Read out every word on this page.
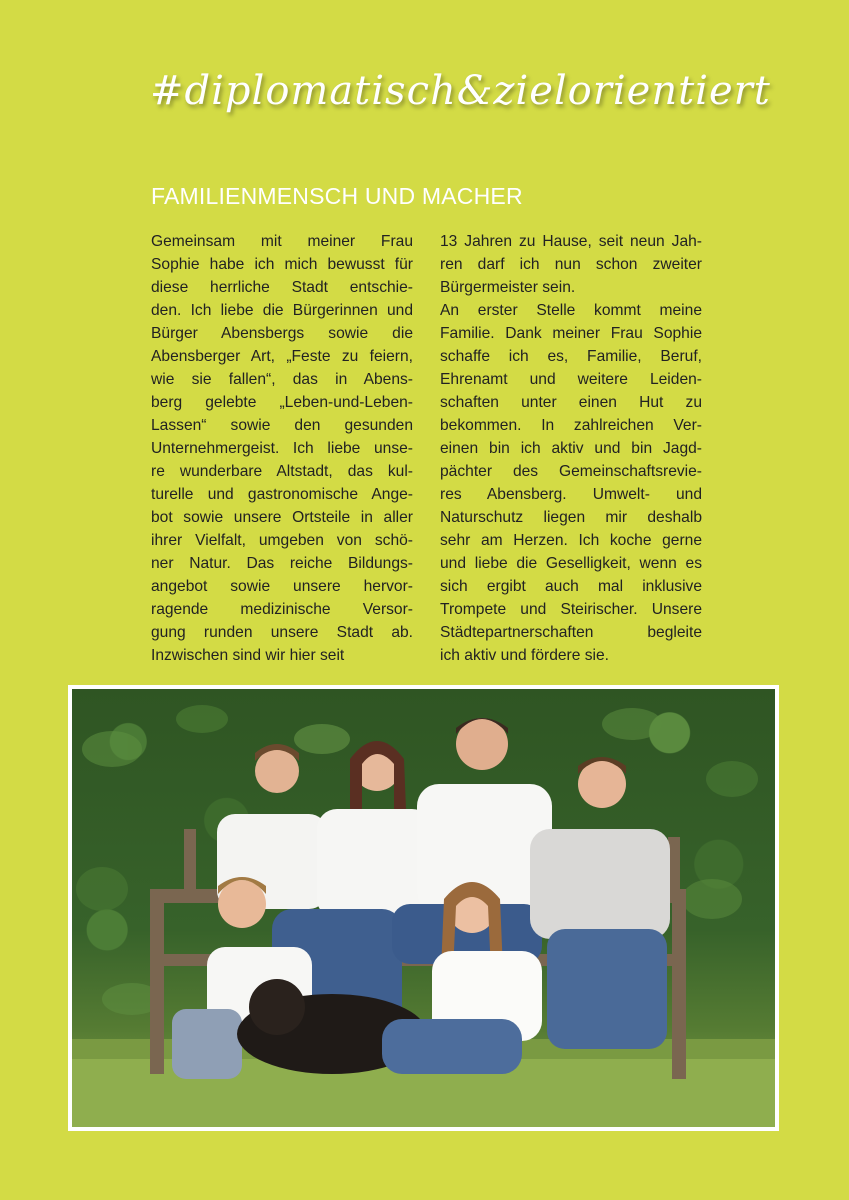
#diplomatisch&zielorientiert
FAMILIENMENSCH UND MACHER
Gemeinsam mit meiner Frau
Sophie habe ich mich bewusst für
diese herrliche Stadt entschie-
den. Ich liebe die Bürgerinnen und
Bürger Abensbergs sowie die
Abensberger Art, „Feste zu feiern,
wie sie fallen“, das in Abens-
berg gelebte „Leben-und-Leben-
Lassen“ sowie den gesunden
Unternehmergeist. Ich liebe unse-
re wunderbare Altstadt, das kul-
turelle und gastronomische Ange-
bot sowie unsere Ortsteile in aller
ihrer Vielfalt, umgeben von schö-
ner Natur. Das reiche Bildungs-
angebot sowie unsere hervor-
ragende medizinische Versor-
gung runden unsere Stadt ab.
Inzwischen sind wir hier seit
13 Jahren zu Hause, seit neun Jah-
ren darf ich nun schon zweiter
Bürgermeister sein.
An erster Stelle kommt meine
Familie. Dank meiner Frau Sophie
schaffe ich es, Familie, Beruf,
Ehrenamt und weitere Leiden-
schaften unter einen Hut zu
bekommen. In zahlreichen Ver-
einen bin ich aktiv und bin Jagd-
pächter des Gemeinschaftsrevie-
res Abensberg. Umwelt- und
Naturschutz liegen mir deshalb
sehr am Herzen. Ich koche gerne
und liebe die Geselligkeit, wenn es
sich ergibt auch mal inklusive
Trompete und Steirischer. Unsere
Städtepartnerschaften begleite
ich aktiv und fördere sie.
